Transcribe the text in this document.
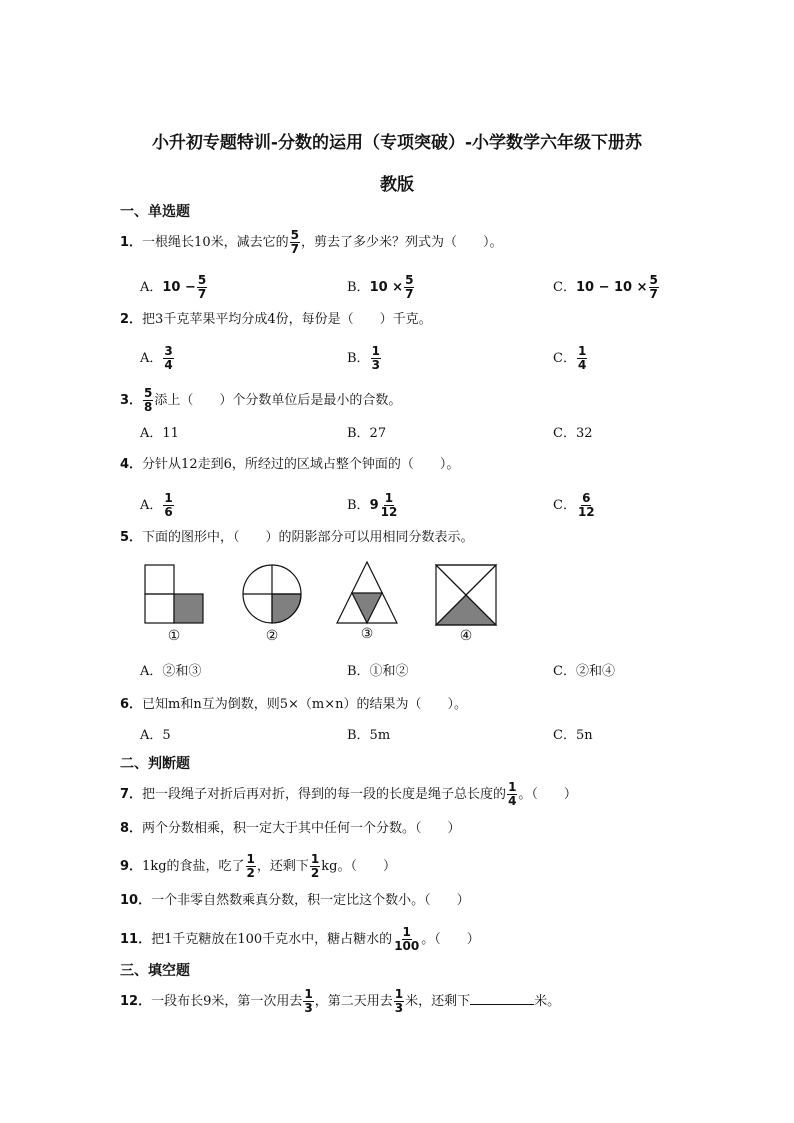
小升初专题特训-分数的运用（专项突破）-小学数学六年级下册苏
教版
一、单选题
1．一根绳长10米，减去它的 $\frac{5}{7}$ ，剪去了多少米？列式为（　　）。
A．$10 - \frac{5}{7}$	B．$10 \times \frac{5}{7}$	C．$10 - 10 \times \frac{5}{7}$
2．把3千克苹果平均分成4份，每份是（　　）千克。
A． $\frac{3}{4}$	B． $\frac{1}{3}$	C． $\frac{1}{4}$
3． $\frac{5}{8}$ 添上（　　）个分数单位后是最小的合数。
A．11	B．27	C．32
4．分针从12走到6，所经过的区域占整个钟面的（　　）。
A． $\frac{1}{6}$	B．$9 \frac{1}{12}$	C． $\frac{6}{12}$
5．下面的图形中，（　　）的阴影部分可以用相同分数表示。
①	②	③	④
A．②和③	B．①和②	C．②和④
6．已知m和n互为倒数，则5×（m×n）的结果为（　　）。
A．5	B．5m	C．5n
二、判断题
7．把一段绳子对折后再对折，得到的每一段的长度是绳子总长度的 $\frac{1}{4}$ 。（　　）
8．两个分数相乘，积一定大于其中任何一个分数。（　　）
9．1kg的食盐，吃了 $\frac{1}{2}$ ，还剩下 $\frac{1}{2}$ kg。（　　）
10．一个非零自然数乘真分数，积一定比这个数小。（　　）
11．把1千克糖放在100千克水中，糖占糖水的 $\frac{1}{100}$ 。（　　）
三、填空题
12．一段布长9米，第一次用去 $\frac{1}{3}$ ，第二天用去 $\frac{1}{3}$ 米，还剩下	米。
